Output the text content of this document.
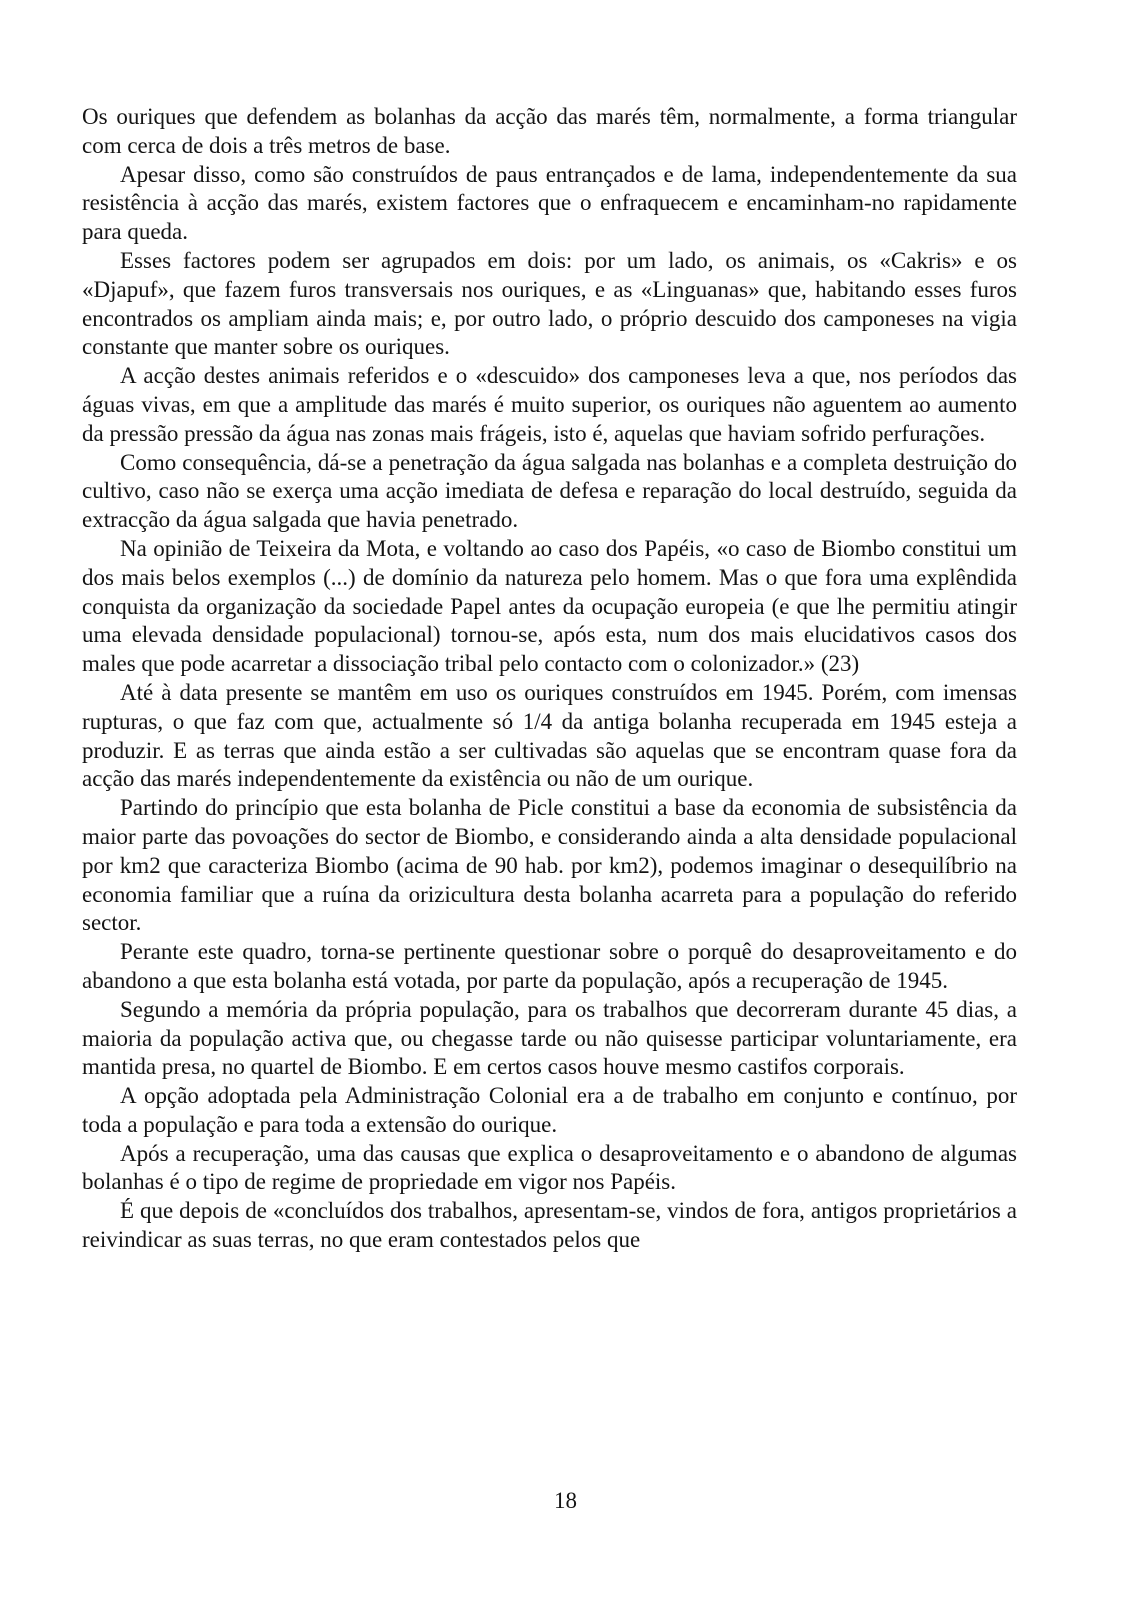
Os ouriques que defendem as bolanhas da acção das marés têm, normalmente, a forma triangular com cerca de dois a três metros de base.

Apesar disso, como são construídos de paus entrançados e de lama, independentemente da sua resistência à acção das marés, existem factores que o enfraquecem e encaminham-no rapidamente para queda.

Esses factores podem ser agrupados em dois: por um lado, os animais, os «Cakris» e os «Djapuf», que fazem furos transversais nos ouriques, e as «Linguanas» que, habitando esses furos encontrados os ampliam ainda mais; e, por outro lado, o próprio descuido dos camponeses na vigia constante que manter sobre os ouriques.

A acção destes animais referidos e o «descuido» dos camponeses leva a que, nos períodos das águas vivas, em que a amplitude das marés é muito superior, os ouriques não aguentem ao aumento da pressão pressão da água nas zonas mais frágeis, isto é, aquelas que haviam sofrido perfurações.

Como consequência, dá-se a penetração da água salgada nas bolanhas e a completa destruição do cultivo, caso não se exerça uma acção imediata de defesa e reparação do local destruído, seguida da extracção da água salgada que havia penetrado.

Na opinião de Teixeira da Mota, e voltando ao caso dos Papéis, «o caso de Biombo constitui um dos mais belos exemplos (...) de domínio da natureza pelo homem. Mas o que fora uma explêndida conquista da organização da sociedade Papel antes da ocupação europeia (e que lhe permitiu atingir uma elevada densidade populacional) tornou-se, após esta, num dos mais elucidativos casos dos males que pode acarretar a dissociação tribal pelo contacto com o colonizador.» (23)

Até à data presente se mantêm em uso os ouriques construídos em 1945. Porém, com imensas rupturas, o que faz com que, actualmente só 1/4 da antiga bolanha recuperada em 1945 esteja a produzir. E as terras que ainda estão a ser cultivadas são aquelas que se encontram quase fora da acção das marés independentemente da existência ou não de um ourique.

Partindo do princípio que esta bolanha de Picle constitui a base da economia de subsistência da maior parte das povoações do sector de Biombo, e considerando ainda a alta densidade populacional por km2 que caracteriza Biombo (acima de 90 hab. por km2), podemos imaginar o desequilíbrio na economia familiar que a ruína da orizicultura desta bolanha acarreta para a população do referido sector.

Perante este quadro, torna-se pertinente questionar sobre o porquê do desaproveitamento e do abandono a que esta bolanha está votada, por parte da população, após a recuperação de 1945.

Segundo a memória da própria população, para os trabalhos que decorreram durante 45 dias, a maioria da população activa que, ou chegasse tarde ou não quisesse participar voluntariamente, era mantida presa, no quartel de Biombo. E em certos casos houve mesmo castifos corporais.

A opção adoptada pela Administração Colonial era a de trabalho em conjunto e contínuo, por toda a população e para toda a extensão do ourique.

Após a recuperação, uma das causas que explica o desaproveitamento e o abandono de algumas bolanhas é o tipo de regime de propriedade em vigor nos Papéis.

É que depois de «concluídos dos trabalhos, apresentam-se, vindos de fora, antigos proprietários a reivindicar as suas terras, no que eram contestados pelos que

18
